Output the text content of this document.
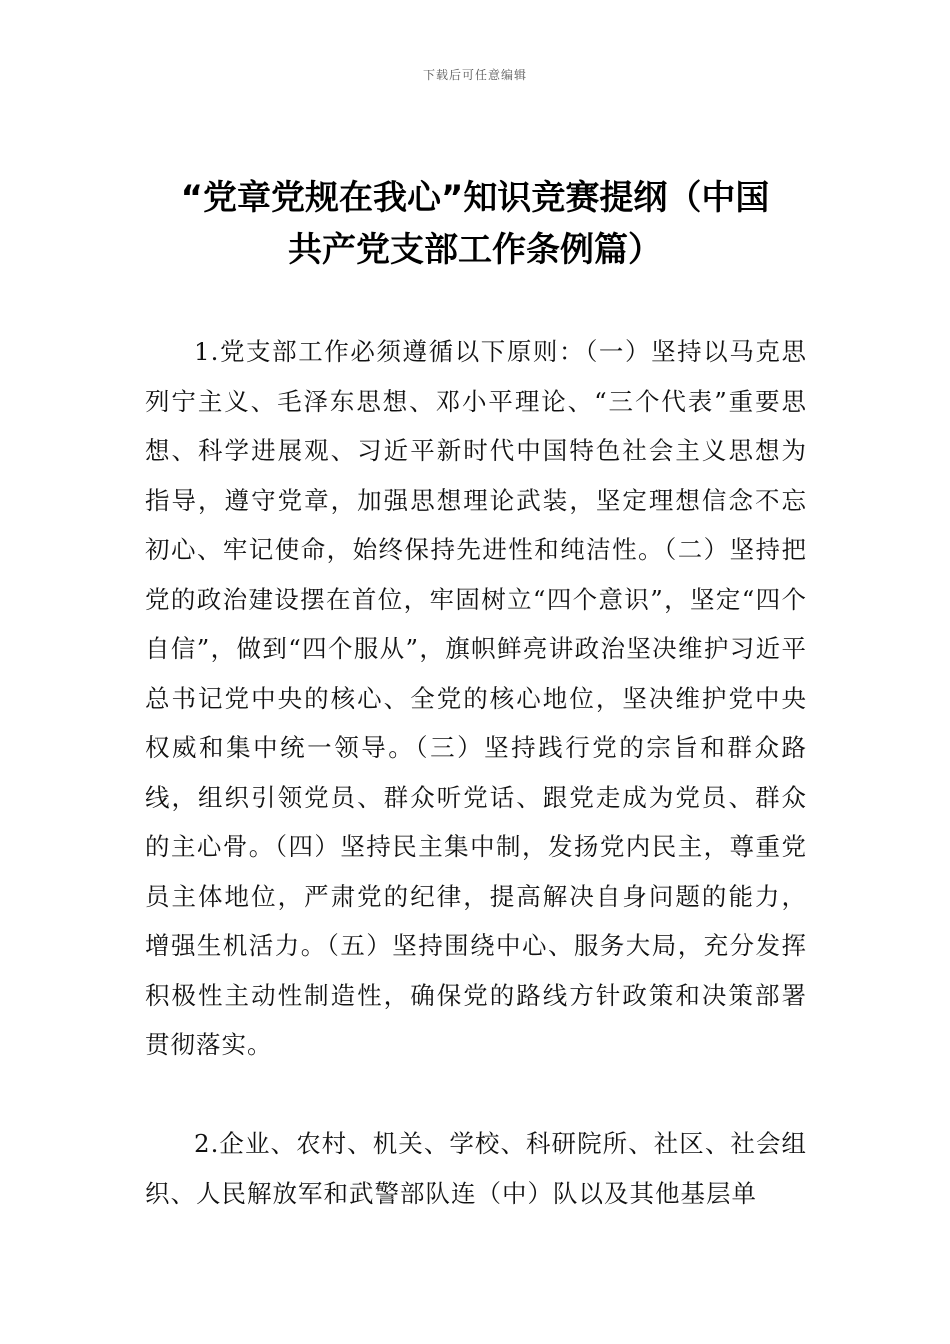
下载后可任意编辑
“党章党规在我心”知识竞赛提纲（中国
共产党支部工作条例篇）

1.党支部工作必须遵循以下原则：（一）坚持以马克思列宁主义、毛泽东思想、邓小平理论、“三个代表”重要思想、科学进展观、习近平新时代中国特色社会主义思想为指导，遵守党章，加强思想理论武装，坚定理想信念不忘初心、牢记使命，始终保持先进性和纯洁性。（二）坚持把党的政治建设摆在首位，牢固树立“四个意识”，坚定“四个自信”，做到“四个服从”，旗帜鲜亮讲政治坚决维护习近平总书记党中央的核心、全党的核心地位，坚决维护党中央权威和集中统一领导。（三）坚持践行党的宗旨和群众路线，组织引领党员、群众听党话、跟党走成为党员、群众的主心骨。（四）坚持民主集中制，发扬党内民主，尊重党员主体地位，严肃党的纪律，提高解决自身问题的能力，增强生机活力。（五）坚持围绕中心、服务大局，充分发挥积极性主动性制造性，确保党的路线方针政策和决策部署贯彻落实。

2.企业、农村、机关、学校、科研院所、社区、社会组织、人民解放军和武警部队连（中）队以及其他基层单
